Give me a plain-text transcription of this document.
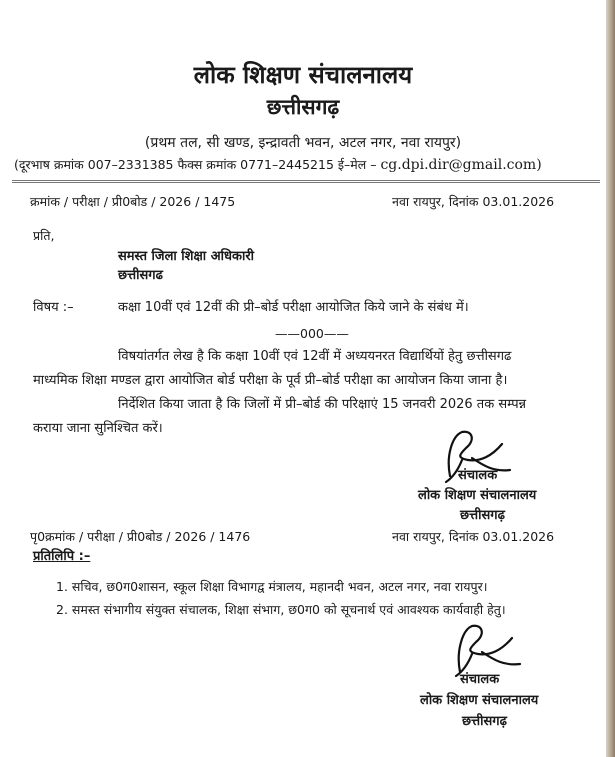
लोक शिक्षण संचालनालय
छत्तीसगढ़
(प्रथम तल, सी खण्ड, इन्द्रावती भवन, अटल नगर, नवा रायपुर)
(दूरभाष क्रमांक 007–2331385 फैक्स क्रमांक 0771–2445215 ई–मेल – cg.dpi.dir@gmail.com)
क्रमांक / परीक्षा / प्री0बोड / 2026 / 1475	नवा रायपुर, दिनांक 03.01.2026
प्रति,
समस्त जिला शिक्षा अधिकारी
छत्तीसगढ
विषय :–	कक्षा 10वीं एवं 12वीं की प्री–बोर्ड परीक्षा आयोजित किये जाने के संबंध में।
——000——
विषयांतर्गत लेख है कि कक्षा 10वीं एवं 12वीं में अध्ययनरत विद्यार्थियों हेतु छत्तीसगढ
माध्यमिक शिक्षा मण्डल द्वारा आयोजित बोर्ड परीक्षा के पूर्व प्री–बोर्ड परीक्षा का आयोजन किया जाना है।
निर्देशित किया जाता है कि जिलों में प्री–बोर्ड की परिक्षाएं 15 जनवरी 2026 तक सम्पन्न
कराया जाना सुनिश्चित करें।
संचालक
लोक शिक्षण संचालनालय
छत्तीसगढ़
पृ0क्रमांक / परीक्षा / प्री0बोड / 2026 / 1476	नवा रायपुर, दिनांक 03.01.2026
प्रतिलिपि :–
1. सचिव, छ0ग0शासन, स्कूल शिक्षा विभागद्व मंत्रालय, महानदी भवन, अटल नगर, नवा रायपुर।
2. समस्त संभागीय संयुक्त संचालक, शिक्षा संभाग, छ0ग0 को सूचनार्थ एवं आवश्यक कार्यवाही हेतु।
संचालक
लोक शिक्षण संचालनालय
छत्तीसगढ़
